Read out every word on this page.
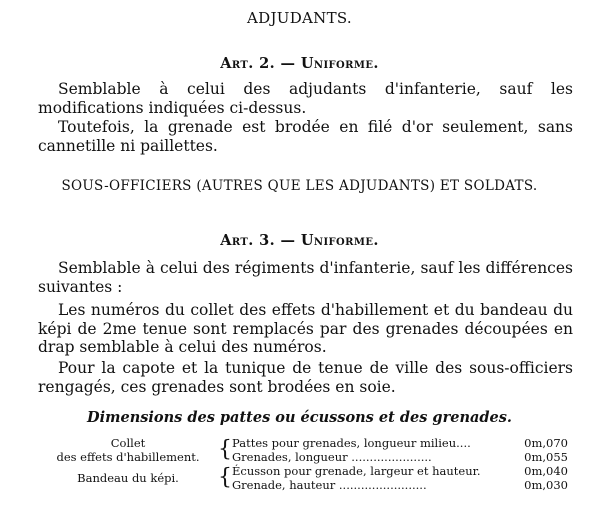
ADJUDANTS.
Art. 2. — Uniforme.
Semblable à celui des adjudants d'infanterie, sauf les modifications indiquées ci-dessus.
Toutefois, la grenade est brodée en filé d'or seulement, sans cannetille ni paillettes.
SOUS-OFFICIERS (AUTRES QUE LES ADJUDANTS) ET SOLDATS.
Art. 3. — Uniforme.
Semblable à celui des régiments d'infanterie, sauf les différences suivantes :
Les numéros du collet des effets d'habillement et du bandeau du képi de 2me tenue sont remplacés par des grenades découpées en drap semblable à celui des numéros.
Pour la capote et la tunique de tenue de ville des sous-officiers rengagés, ces grenades sont brodées en soie.
Dimensions des pattes ou écussons et des grenades.
Collet
des effets d'habillement.	{	Pattes pour grenades, longueur milieu....	0m,070
		Grenades, longueur ......................	0m,055

Bandeau du képi.	{	Écusson pour grenade, largeur et hauteur.	0m,040
		Grenade, hauteur ........................	0m,030
